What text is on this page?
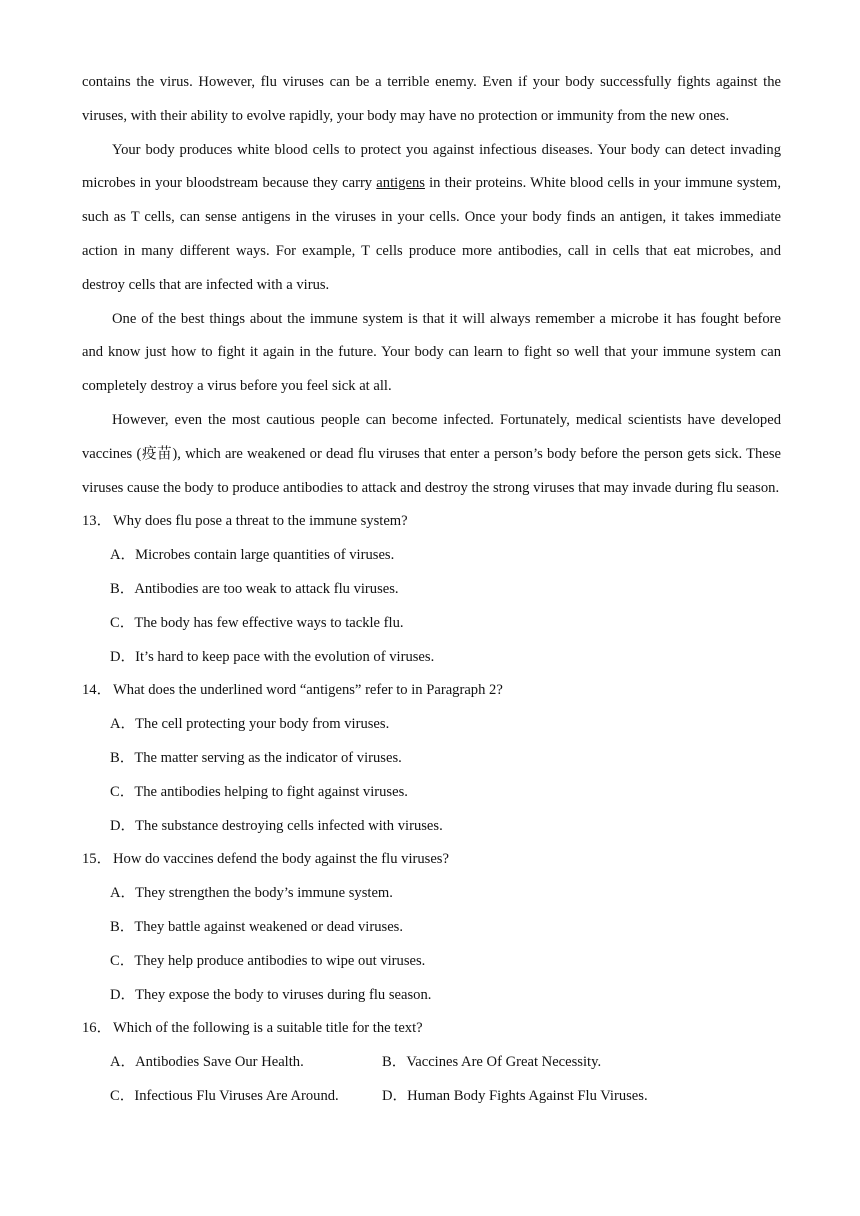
contains the virus. However, flu viruses can be a terrible enemy. Even if your body successfully fights against the viruses, with their ability to evolve rapidly, your body may have no protection or immunity from the new ones.

Your body produces white blood cells to protect you against infectious diseases. Your body can detect invading microbes in your bloodstream because they carry antigens in their proteins. White blood cells in your immune system, such as T cells, can sense antigens in the viruses in your cells. Once your body finds an antigen, it takes immediate action in many different ways. For example, T cells produce more antibodies, call in cells that eat microbes, and destroy cells that are infected with a virus.

One of the best things about the immune system is that it will always remember a microbe it has fought before and know just how to fight it again in the future. Your body can learn to fight so well that your immune system can completely destroy a virus before you feel sick at all.

However, even the most cautious people can become infected. Fortunately, medical scientists have developed vaccines (疫苗), which are weakened or dead flu viruses that enter a person’s body before the person gets sick. These viruses cause the body to produce antibodies to attack and destroy the strong viruses that may invade during flu season.

13． Why does flu pose a threat to the immune system?

A．Microbes contain large quantities of viruses.

B．Antibodies are too weak to attack flu viruses.

C．The body has few effective ways to tackle flu.

D．It’s hard to keep pace with the evolution of viruses.

14． What does the underlined word “antigens” refer to in Paragraph 2?

A．The cell protecting your body from viruses.

B．The matter serving as the indicator of viruses.

C．The antibodies helping to fight against viruses.

D．The substance destroying cells infected with viruses.

15． How do vaccines defend the body against the flu viruses?

A．They strengthen the body’s immune system.

B．They battle against weakened or dead viruses.

C．They help produce antibodies to wipe out viruses.

D．They expose the body to viruses during flu season.

16． Which of the following is a suitable title for the text?

A．Antibodies Save Our Health.	B．Vaccines Are Of Great Necessity.
C．Infectious Flu Viruses Are Around.	D．Human Body Fights Against Flu Viruses.
